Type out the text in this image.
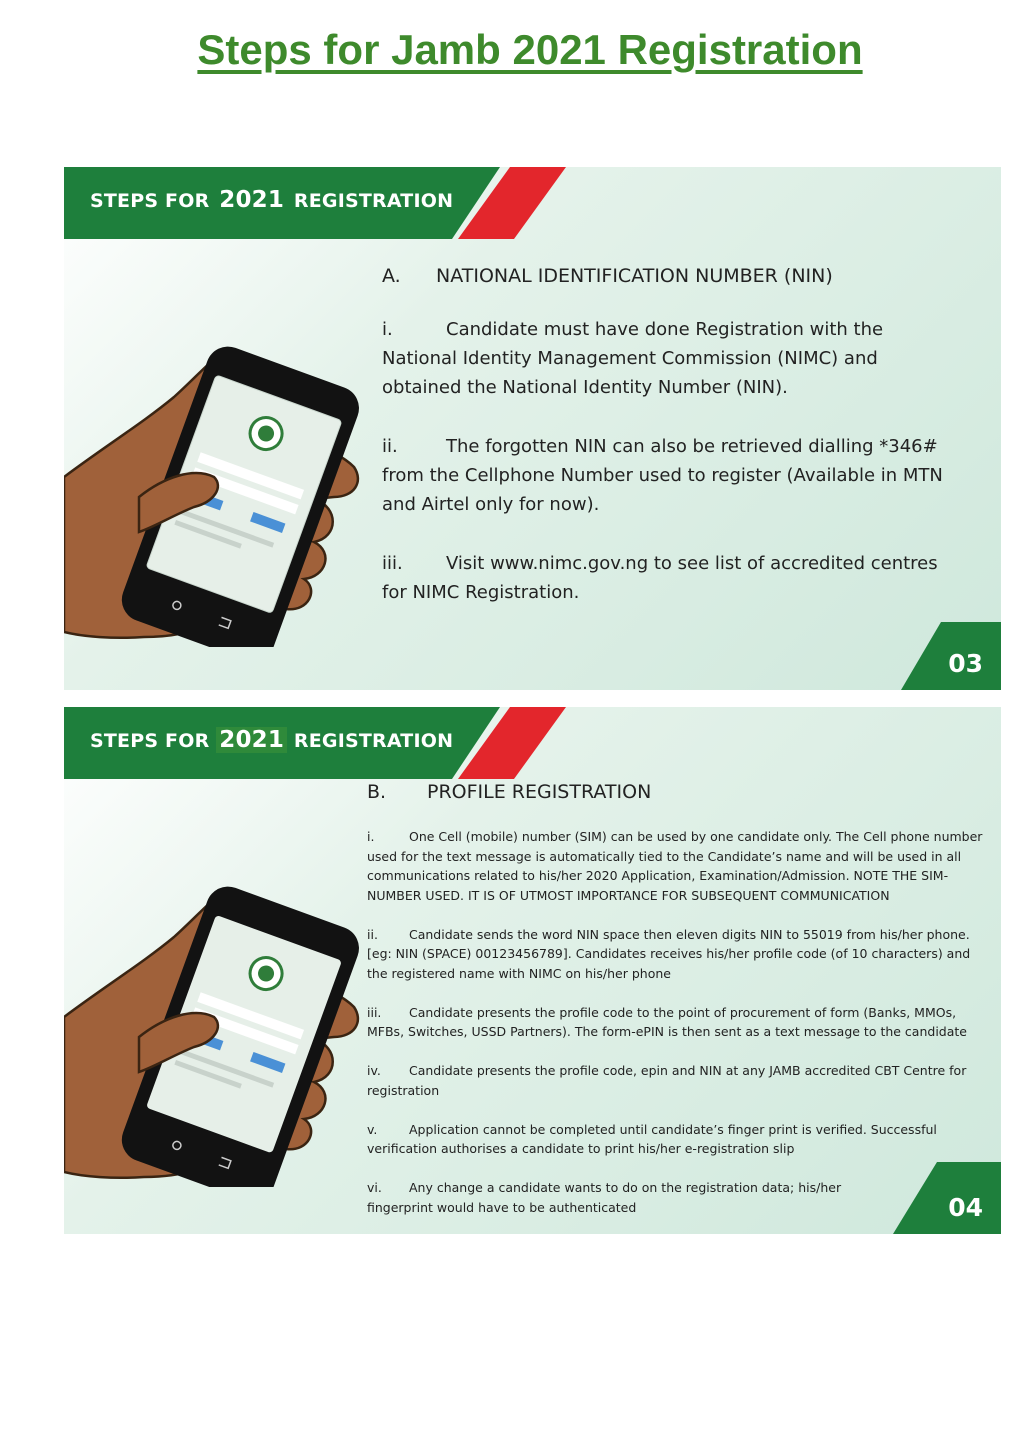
Steps for Jamb 2021 Registration
STEPS FOR 2021 REGISTRATION
A. NATIONAL IDENTIFICATION NUMBER (NIN)
i.	Candidate must have done Registration with the National Identity Management Commission (NIMC) and obtained the National Identity Number (NIN).
ii.	The forgotten NIN can also be retrieved dialling *346# from the Cellphone Number used to register (Available in MTN and Airtel only for now).
iii. Visit www.nimc.gov.ng to see list of accredited centres for NIMC Registration.
03
STEPS FOR 2021 REGISTRATION
B. PROFILE REGISTRATION
i.	One Cell (mobile) number (SIM) can be used by one candidate only. The Cell phone number used for the text message is automatically tied to the Candidate’s name and will be used in all communications related to his/her 2020 Application, Examination/Admission. NOTE THE SIM-NUMBER USED. IT IS OF UTMOST IMPORTANCE FOR SUBSEQUENT COMMUNICATION
ii. Candidate sends the word NIN space then eleven digits NIN to 55019 from his/her phone. [eg: NIN (SPACE) 00123456789]. Candidates receives his/her profile code (of 10 characters) and the registered name with NIMC on his/her phone
iii. Candidate presents the profile code to the point of procurement of form (Banks, MMOs, MFBs, Switches, USSD Partners). The form-ePIN is then sent as a text message to the candidate
iv. Candidate presents the profile code, epin and NIN at any JAMB accredited CBT Centre for registration
v.	Application cannot be completed until candidate’s finger print is verified. Successful verification authorises a candidate to print his/her e-registration slip
vi. Any change a candidate wants to do on the registration data; his/her fingerprint would have to be authenticated	04
